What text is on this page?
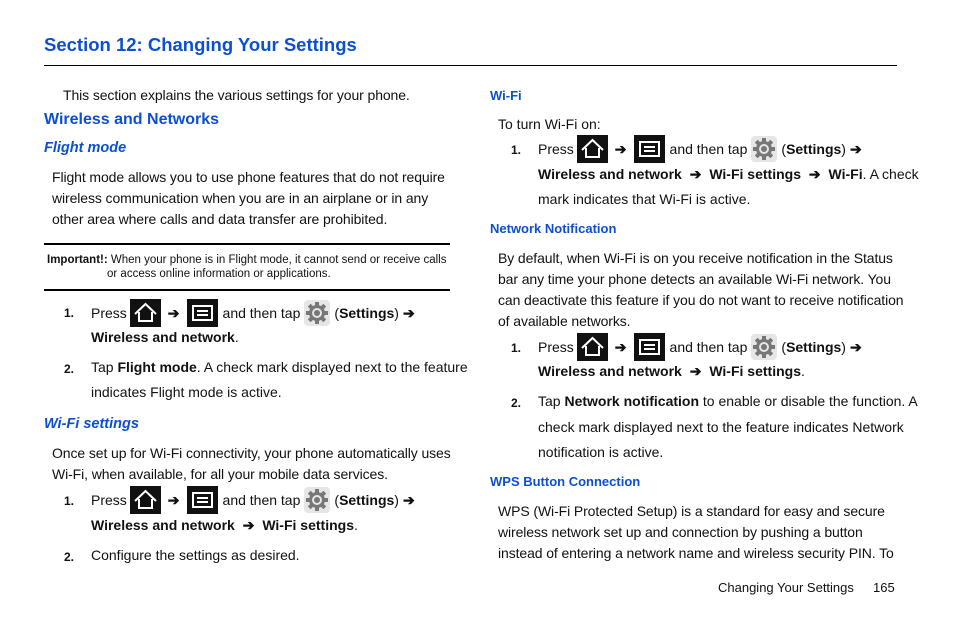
Section 12: Changing Your Settings
This section explains the various settings for your phone.
Wireless and Networks
Flight mode
Flight mode allows you to use phone features that do not require
wireless communication when you are in an airplane or in any
other area where calls and data transfer are prohibited.
Important!: When your phone is in Flight mode, it cannot send or receive calls
or access online information or applications.
1. Press	➔	and then tap ( Settings ) ➔
Wireless and network.
2. Tap Flight mode. A check mark displayed next to the feature
indicates Flight mode is active.
Wi-Fi settings
Once set up for Wi-Fi connectivity, your phone automatically uses
Wi-Fi, when available, for all your mobile data services.
1. Press	➔	and then tap ( Settings ) ➔
Wireless and network ➔ Wi-Fi settings.
2. Configure the settings as desired.
Wi-Fi
To turn Wi-Fi on:
1. Press	➔	and then tap ( Settings ) ➔
Wireless and network ➔ Wi-Fi settings ➔ Wi-Fi. A check
mark indicates that Wi-Fi is active.
Network Notification
By default, when Wi-Fi is on you receive notification in the Status
bar any time your phone detects an available Wi-Fi network. You
can deactivate this feature if you do not want to receive notification
of available networks.
1. Press	➔	and then tap ( Settings ) ➔
Wireless and network ➔ Wi-Fi settings.
2. Tap Network notification to enable or disable the function. A
check mark displayed next to the feature indicates Network
notification is active.
WPS Button Connection
WPS (Wi-Fi Protected Setup) is a standard for easy and secure
wireless network set up and connection by pushing a button
instead of entering a network name and wireless security PIN. To
Changing Your Settings 165
